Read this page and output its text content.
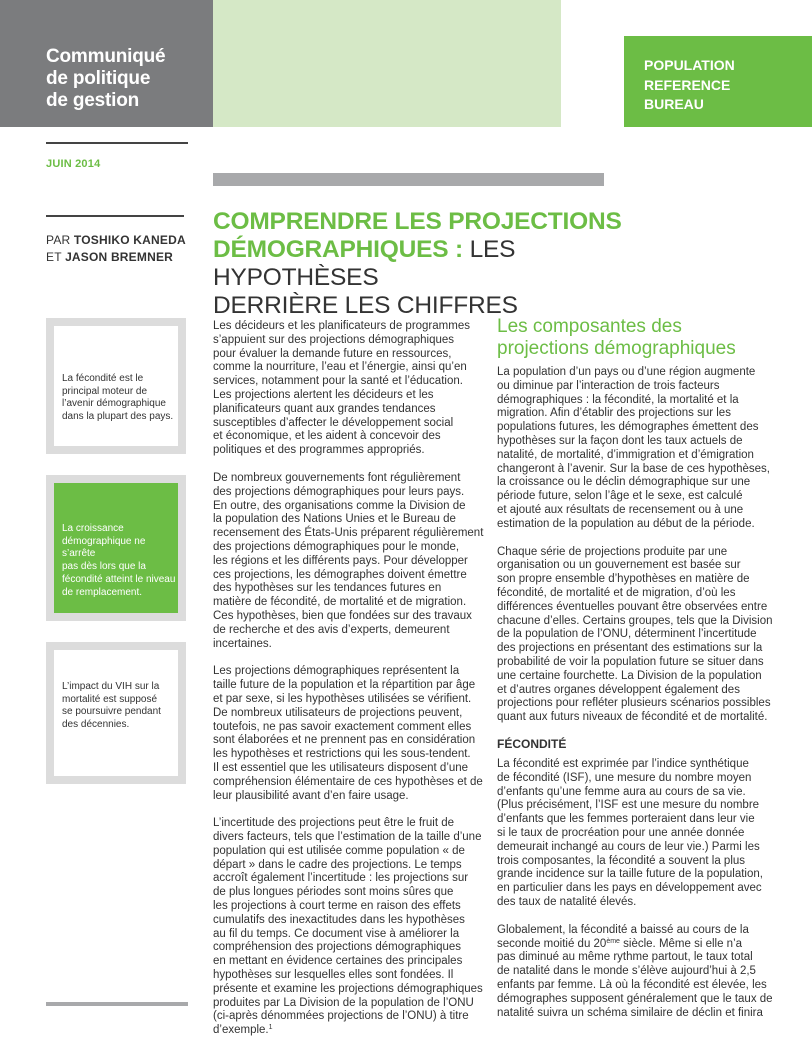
Communiqué
de politique
de gestion
POPULATION
REFERENCE
BUREAU
JUIN 2014
PAR TOSHIKO KANEDA
ET JASON BREMNER
COMPRENDRE LES PROJECTIONS
DÉMOGRAPHIQUES : LES HYPOTHÈSES
DERRIÈRE LES CHIFFRES
La fécondité est le
principal moteur de
l’avenir démographique
dans la plupart des pays.
La croissance
démographique ne s’arrête
pas dès lors que la
fécondité atteint le niveau
de remplacement.
L’impact du VIH sur la
mortalité est supposé
se poursuivre pendant
des décennies.

Les décideurs et les planificateurs de programmes
s’appuient sur des projections démographiques
pour évaluer la demande future en ressources,
comme la nourriture, l’eau et l’énergie, ainsi qu’en
services, notamment pour la santé et l’éducation.
Les projections alertent les décideurs et les
planificateurs quant aux grandes tendances
susceptibles d’affecter le développement social
et économique, et les aident à concevoir des
politiques et des programmes appropriés.

De nombreux gouvernements font régulièrement
des projections démographiques pour leurs pays.
En outre, des organisations comme la Division de
la population des Nations Unies et le Bureau de
recensement des États-Unis préparent régulièrement
des projections démographiques pour le monde,
les régions et les différents pays. Pour développer
ces projections, les démographes doivent émettre
des hypothèses sur les tendances futures en
matière de fécondité, de mortalité et de migration.
Ces hypothèses, bien que fondées sur des travaux
de recherche et des avis d’experts, demeurent
incertaines.

Les projections démographiques représentent la
taille future de la population et la répartition par âge
et par sexe, si les hypothèses utilisées se vérifient.
De nombreux utilisateurs de projections peuvent,
toutefois, ne pas savoir exactement comment elles
sont élaborées et ne prennent pas en considération
les hypothèses et restrictions qui les sous-tendent.
Il est essentiel que les utilisateurs disposent d’une
compréhension élémentaire de ces hypothèses et de
leur plausibilité avant d’en faire usage.

L’incertitude des projections peut être le fruit de
divers facteurs, tels que l’estimation de la taille d’une
population qui est utilisée comme population « de
départ » dans le cadre des projections. Le temps
accroît également l’incertitude : les projections sur
de plus longues périodes sont moins sûres que
les projections à court terme en raison des effets
cumulatifs des inexactitudes dans les hypothèses
au fil du temps. Ce document vise à améliorer la
compréhension des projections démographiques
en mettant en évidence certaines des principales
hypothèses sur lesquelles elles sont fondées. Il
présente et examine les projections démographiques
produites par La Division de la population de l’ONU
(ci-après dénommées projections de l’ONU) à titre
d’exemple.$^1$

Les composantes des
projections démographiques

La population d’un pays ou d’une région augmente
ou diminue par l’interaction de trois facteurs
démographiques : la fécondité, la mortalité et la
migration. Afin d’établir des projections sur les
populations futures, les démographes émettent des
hypothèses sur la façon dont les taux actuels de
natalité, de mortalité, d’immigration et d’émigration
changeront à l’avenir. Sur la base de ces hypothèses,
la croissance ou le déclin démographique sur une
période future, selon l’âge et le sexe, est calculé
et ajouté aux résultats de recensement ou à une
estimation de la population au début de la période.

Chaque série de projections produite par une
organisation ou un gouvernement est basée sur
son propre ensemble d’hypothèses en matière de
fécondité, de mortalité et de migration, d’où les
différences éventuelles pouvant être observées entre
chacune d’elles. Certains groupes, tels que la Division
de la population de l’ONU, déterminent l’incertitude
des projections en présentant des estimations sur la
probabilité de voir la population future se situer dans
une certaine fourchette. La Division de la population
et d’autres organes développent également des
projections pour refléter plusieurs scénarios possibles
quant aux futurs niveaux de fécondité et de mortalité.

FÉCONDITÉ

La fécondité est exprimée par l’indice synthétique
de fécondité (ISF), une mesure du nombre moyen
d’enfants qu’une femme aura au cours de sa vie.
(Plus précisément, l’ISF est une mesure du nombre
d’enfants que les femmes porteraient dans leur vie
si le taux de procréation pour une année donnée
demeurait inchangé au cours de leur vie.) Parmi les
trois composantes, la fécondité a souvent la plus
grande incidence sur la taille future de la population,
en particulier dans les pays en développement avec
des taux de natalité élevés.

Globalement, la fécondité a baissé au cours de la
seconde moitié du 20ème siècle. Même si elle n’a
pas diminué au même rythme partout, le taux total
de natalité dans le monde s’élève aujourd’hui à 2,5
enfants par femme. Là où la fécondité est élevée, les
démographes supposent généralement que le taux de
natalité suivra un schéma similaire de déclin et finira
